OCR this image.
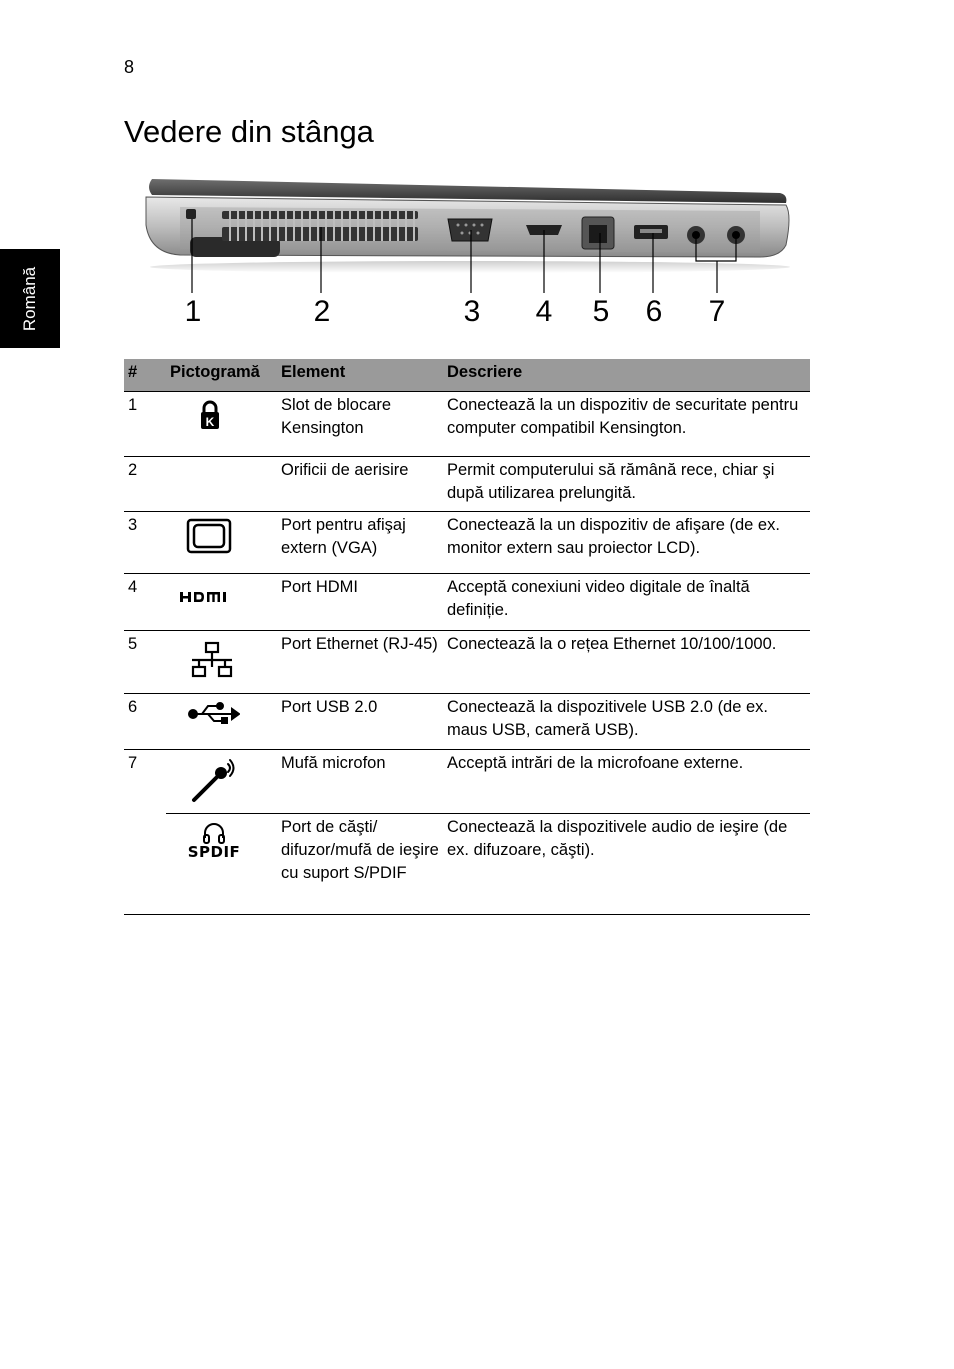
8
Vedere din stânga
Română	1	2	3 4 5 6 7
#	Pictogramă	Element	Descriere
1	K	Slot de blocare Kensington	Conectează la un dispozitiv de securitate pentru computer compatibil Kensington.
2		Orificii de aerisire	Permit computerului să rămână rece, chiar şi după utilizarea prelungită.
3		Port pentru afişaj extern (VGA)	Conectează la un dispozitiv de afişare (de ex. monitor extern sau proiector LCD).
4		Port HDMI	Acceptă conexiuni video digitale de înaltă definiție.
5		Port Ethernet (RJ-45)	Conectează la o rețea Ethernet 10/100/1000.
6		Port USB 2.0	Conectează la dispozitivele USB 2.0 (de ex. maus USB, cameră USB).
7		Mufă microfon	Acceptă intrări de la microfoane externe.

	SPDIF	Port de căşti/ difuzor/mufă de ieşire cu suport S/PDIF	Conectează la dispozitivele audio de ieşire (de ex. difuzoare, căşti).
